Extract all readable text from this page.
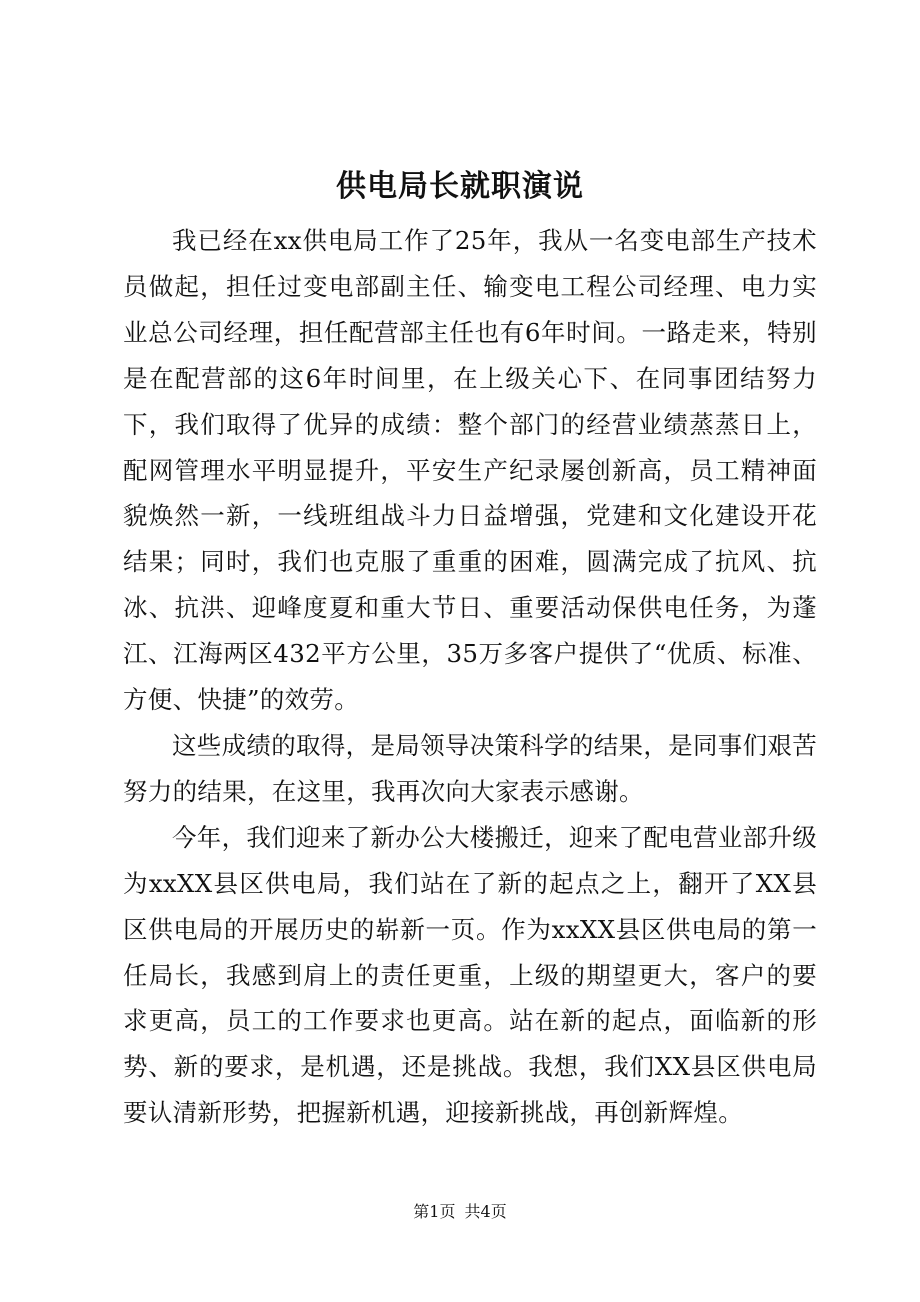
供电局长就职演说

我已经在xx供电局工作了25年，我从一名变电部生产技术员做起，担任过变电部副主任、输变电工程公司经理、电力实业总公司经理，担任配营部主任也有6年时间。一路走来，特别是在配营部的这6年时间里，在上级关心下、在同事团结努力下，我们取得了优异的成绩：整个部门的经营业绩蒸蒸日上，配网管理水平明显提升，平安生产纪录屡创新高，员工精神面貌焕然一新，一线班组战斗力日益增强，党建和文化建设开花结果；同时，我们也克服了重重的困难，圆满完成了抗风、抗冰、抗洪、迎峰度夏和重大节日、重要活动保供电任务，为蓬江、江海两区432平方公里，35万多客户提供了“优质、标准、方便、快捷”的效劳。

这些成绩的取得，是局领导决策科学的结果，是同事们艰苦努力的结果，在这里，我再次向大家表示感谢。

今年，我们迎来了新办公大楼搬迁，迎来了配电营业部升级为xxXX县区供电局，我们站在了新的起点之上，翻开了XX县区供电局的开展历史的崭新一页。作为xxXX县区供电局的第一任局长，我感到肩上的责任更重，上级的期望更大，客户的要求更高，员工的工作要求也更高。站在新的起点，面临新的形势、新的要求，是机遇，还是挑战。我想，我们XX县区供电局要认清新形势，把握新机遇，迎接新挑战，再创新辉煌。

第1页 共4页
